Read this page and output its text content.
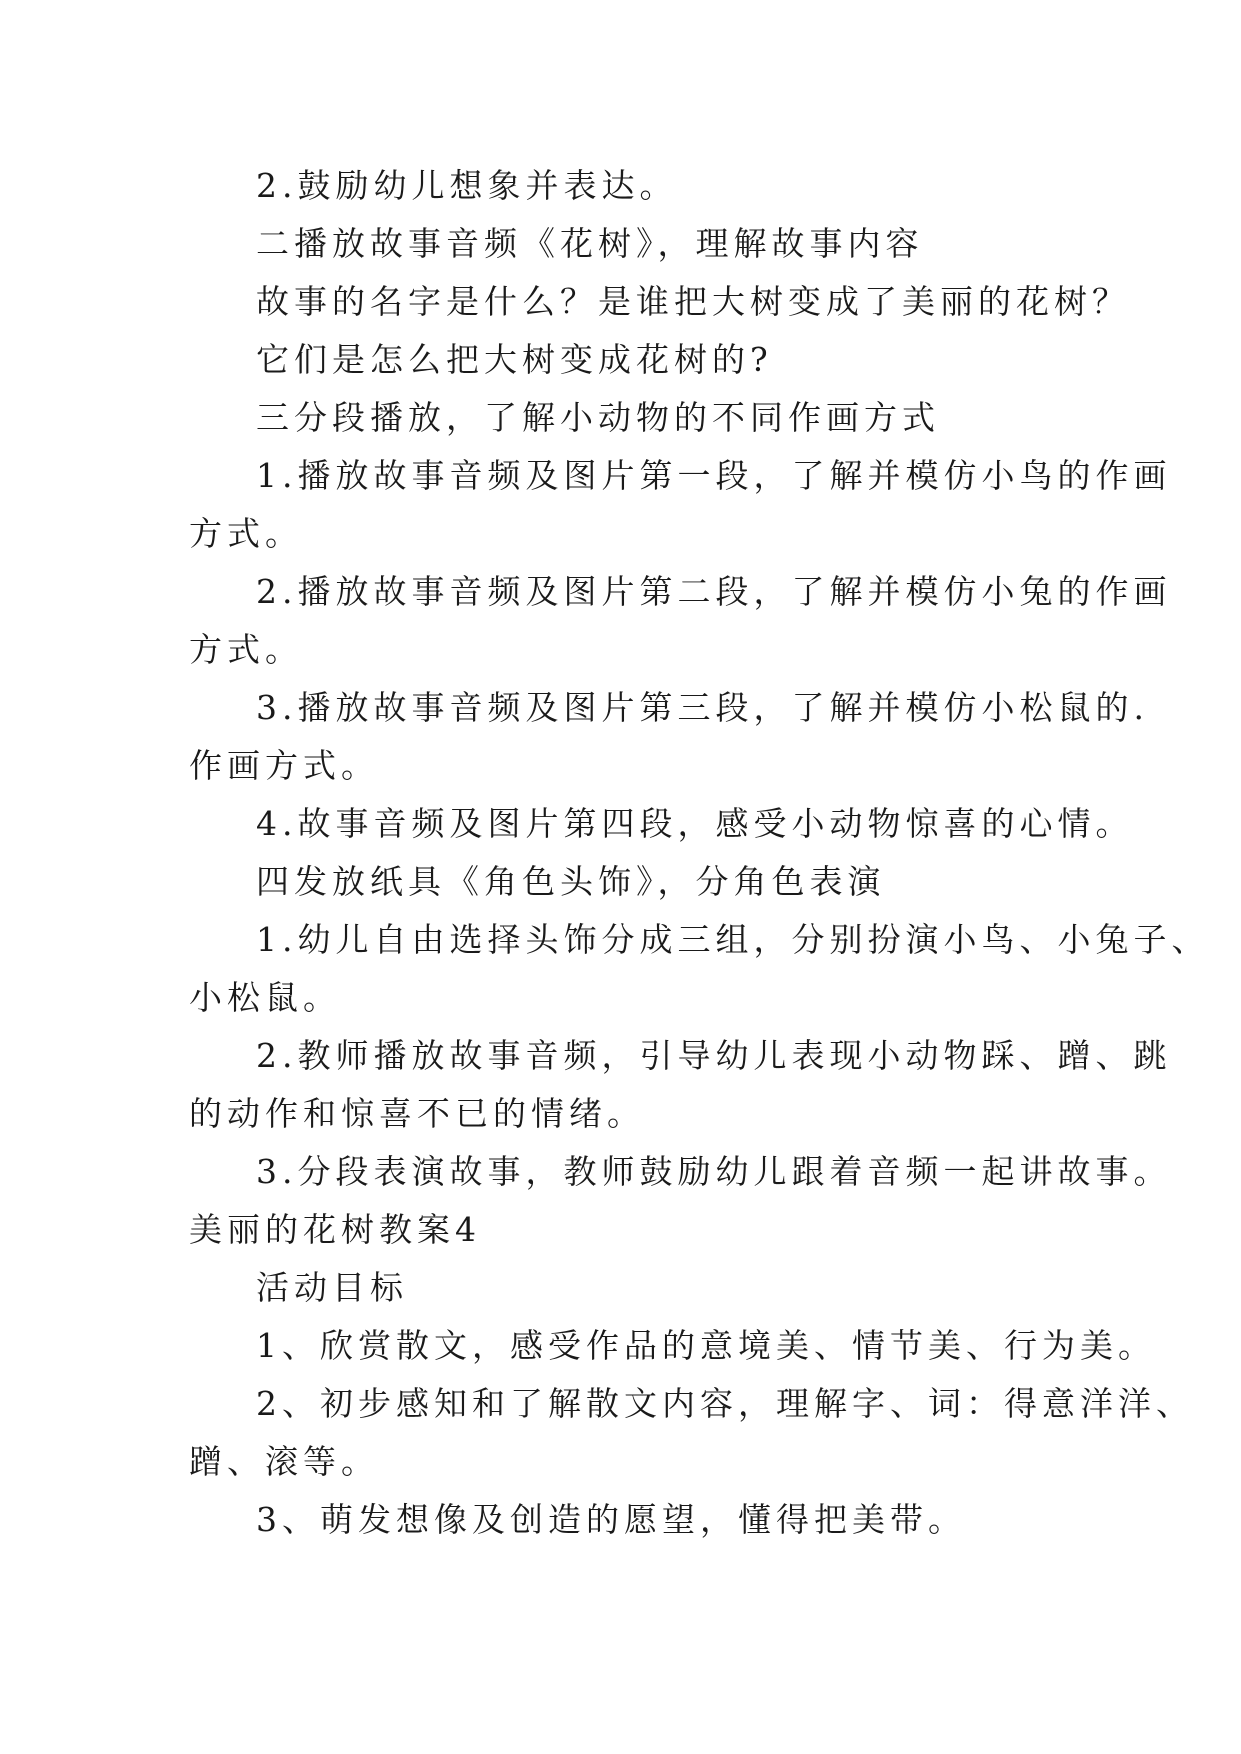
2.鼓励幼儿想象并表达。
二播放故事音频《花树》，理解故事内容
故事的名字是什么？是谁把大树变成了美丽的花树？
它们是怎么把大树变成花树的?
三分段播放，了解小动物的不同作画方式
1.播放故事音频及图片第一段，了解并模仿小鸟的作画
方式。
2.播放故事音频及图片第二段，了解并模仿小兔的作画
方式。
3.播放故事音频及图片第三段，了解并模仿小松鼠的.
作画方式。
4.故事音频及图片第四段，感受小动物惊喜的心情。
四发放纸具《角色头饰》，分角色表演
1.幼儿自由选择头饰分成三组，分别扮演小鸟、小兔子、
小松鼠。
2.教师播放故事音频，引导幼儿表现小动物踩、蹭、跳
的动作和惊喜不已的情绪。
3.分段表演故事，教师鼓励幼儿跟着音频一起讲故事。
美丽的花树教案4
活动目标
1、欣赏散文，感受作品的意境美、情节美、行为美。
2、初步感知和了解散文内容，理解字、词：得意洋洋、
蹭、滚等。
3、萌发想像及创造的愿望，懂得把美带。
